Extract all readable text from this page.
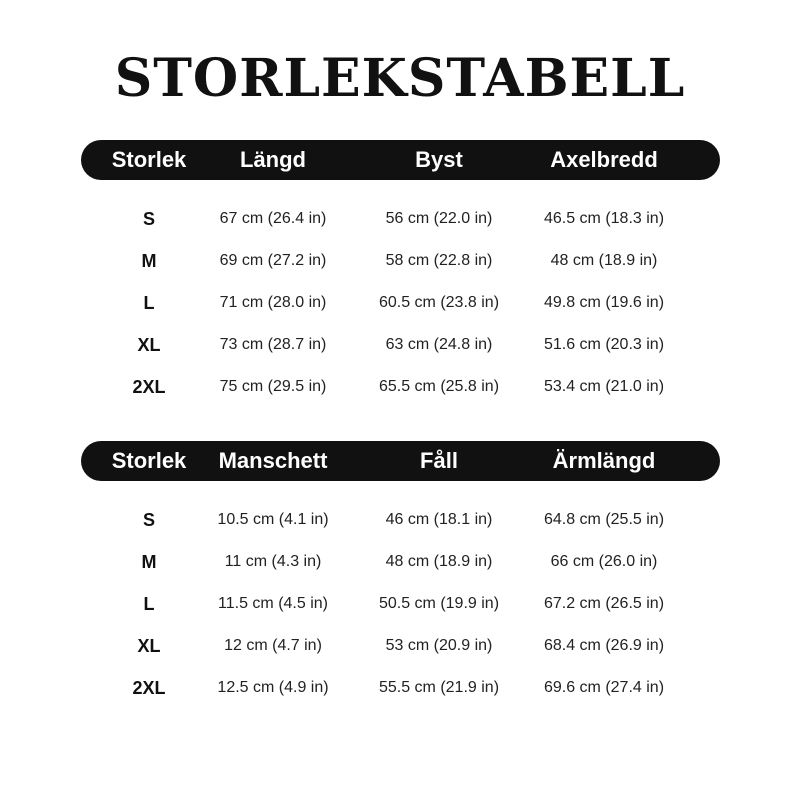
STORLEKSTABELL
Storlek	Längd	Byst	Axelbredd
S	67 cm (26.4 in)	56 cm (22.0 in)	46.5 cm (18.3 in)
M	69 cm (27.2 in)	58 cm (22.8 in)	48 cm (18.9 in)
L	71 cm (28.0 in)	60.5 cm (23.8 in)	49.8 cm (19.6 in)
XL	73 cm (28.7 in)	63 cm (24.8 in)	51.6 cm (20.3 in)
2XL	75 cm (29.5 in)	65.5 cm (25.8 in)	53.4 cm (21.0 in)
Storlek	Manschett	Fåll	Ärmlängd
S	10.5 cm (4.1 in)	46 cm (18.1 in)	64.8 cm (25.5 in)
M	11 cm (4.3 in)	48 cm (18.9 in)	66 cm (26.0 in)
L	11.5 cm (4.5 in)	50.5 cm (19.9 in)	67.2 cm (26.5 in)
XL	12 cm (4.7 in)	53 cm (20.9 in)	68.4 cm (26.9 in)
2XL	12.5 cm (4.9 in)	55.5 cm (21.9 in)	69.6 cm (27.4 in)
